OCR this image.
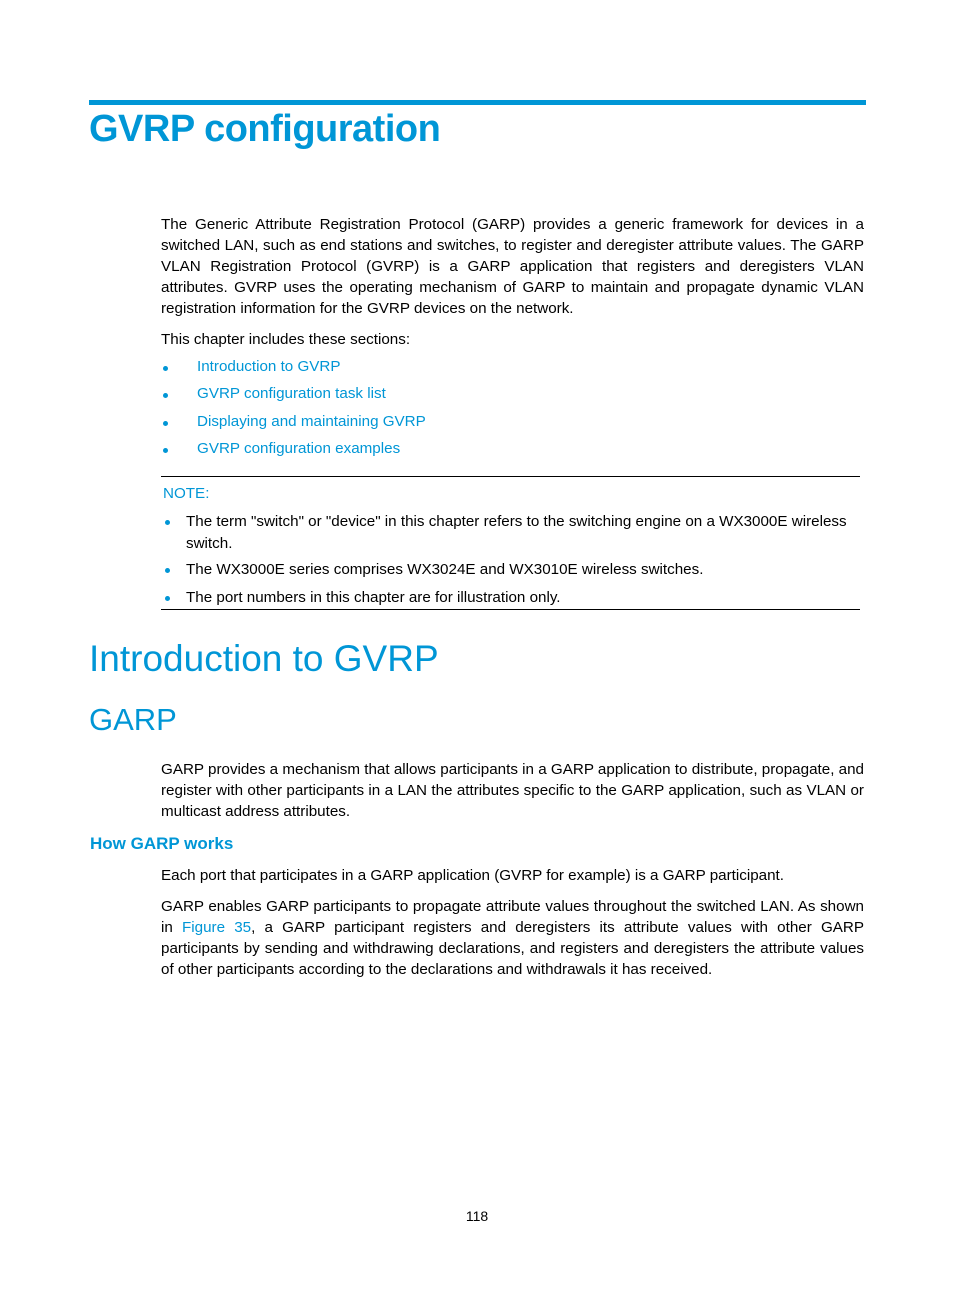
GVRP configuration
The Generic Attribute Registration Protocol (GARP) provides a generic framework for devices in a switched LAN, such as end stations and switches, to register and deregister attribute values. The GARP VLAN Registration Protocol (GVRP) is a GARP application that registers and deregisters VLAN attributes. GVRP uses the operating mechanism of GARP to maintain and propagate dynamic VLAN registration information for the GVRP devices on the network.
This chapter includes these sections:
Introduction to GVRP
GVRP configuration task list
Displaying and maintaining GVRP
GVRP configuration examples
NOTE:
The term "switch" or "device" in this chapter refers to the switching engine on a WX3000E wireless switch.
The WX3000E series comprises WX3024E and WX3010E wireless switches.
The port numbers in this chapter are for illustration only.
Introduction to GVRP
GARP
GARP provides a mechanism that allows participants in a GARP application to distribute, propagate, and register with other participants in a LAN the attributes specific to the GARP application, such as VLAN or multicast address attributes.
How GARP works
Each port that participates in a GARP application (GVRP for example) is a GARP participant.
GARP enables GARP participants to propagate attribute values throughout the switched LAN. As shown in Figure 35, a GARP participant registers and deregisters its attribute values with other GARP participants by sending and withdrawing declarations, and registers and deregisters the attribute values of other participants according to the declarations and withdrawals it has received.
118
